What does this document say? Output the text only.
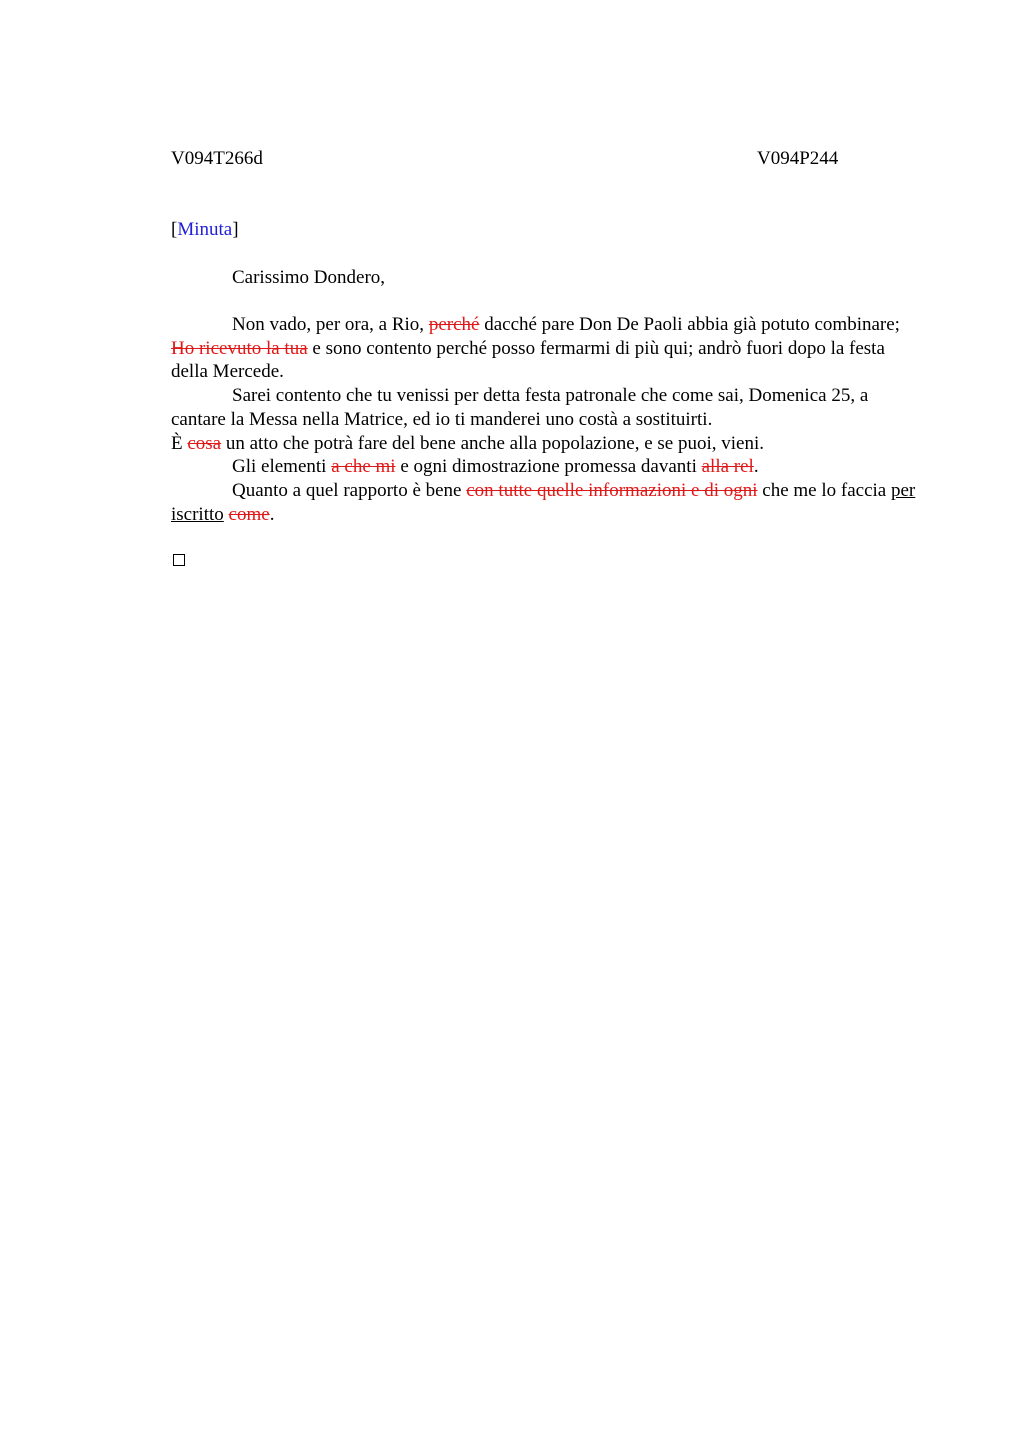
V094T266d	V094P244
[Minuta]
Carissimo Dondero,

Non vado, per ora, a Rio, perché dacché pare Don De Paoli abbia già potuto combinare; Ho ricevuto la tua e sono contento perché posso fermarmi di più qui; andrò fuori dopo la festa della Mercede.

Sarei contento che tu venissi per detta festa patronale che come sai, Domenica 25, a cantare la Messa nella Matrice, ed io ti manderei uno costà a sostituirti.

È cosa un atto che potrà fare del bene anche alla popolazione, e se puoi, vieni.

Gli elementi a che mi e ogni dimostrazione promessa davanti alla rel.

Quanto a quel rapporto è bene con tutte quelle informazioni e di ogni che me lo faccia per iscritto come.
